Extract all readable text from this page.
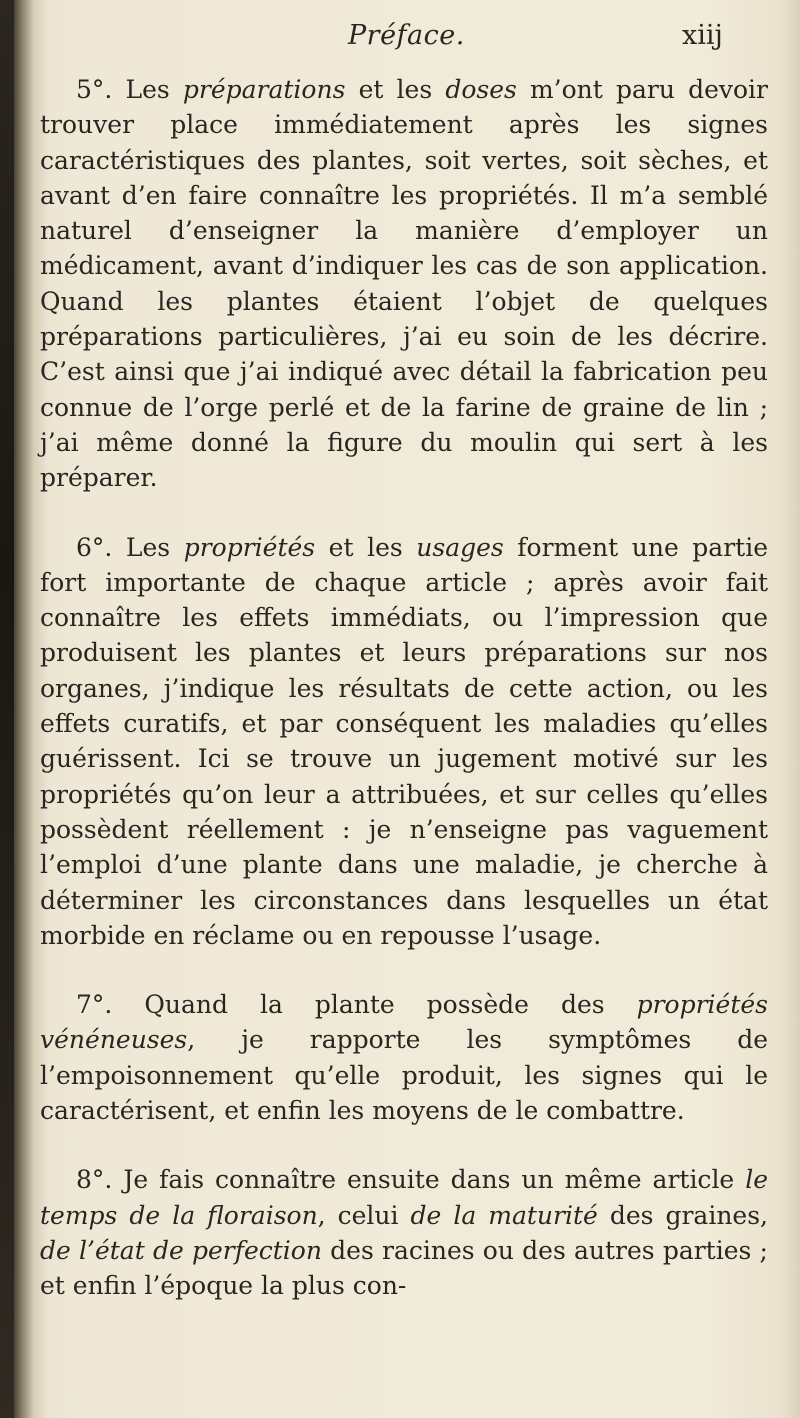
Préface.	xiij

5°. Les préparations et les doses m’ont paru devoir trouver place immédiatement après les signes caractéristiques des plantes, soit vertes, soit sèches, et avant d’en faire connaître les propriétés. Il m’a semblé naturel d’enseigner la manière d’employer un médicament, avant d’indiquer les cas de son application. Quand les plantes étaient l’objet de quelques préparations particulières, j’ai eu soin de les décrire. C’est ainsi que j’ai indiqué avec détail la fabrication peu connue de l’orge perlé et de la farine de graine de lin ; j’ai même donné la figure du moulin qui sert à les préparer.

6°. Les propriétés et les usages forment une partie fort importante de chaque article ; après avoir fait connaître les effets immédiats, ou l’impression que produisent les plantes et leurs préparations sur nos organes, j’indique les résultats de cette action, ou les effets curatifs, et par conséquent les maladies qu’elles guérissent. Ici se trouve un jugement motivé sur les propriétés qu’on leur a attribuées, et sur celles qu’elles possèdent réellement : je n’enseigne pas vaguement l’emploi d’une plante dans une maladie, je cherche à déterminer les circonstances dans lesquelles un état morbide en réclame ou en repousse l’usage.

7°. Quand la plante possède des propriétés vénéneuses, je rapporte les symptômes de l’empoisonnement qu’elle produit, les signes qui le caractérisent, et enfin les moyens de le combattre.

8°. Je fais connaître ensuite dans un même article le temps de la floraison, celui de la maturité des graines, de l’état de perfection des racines ou des autres parties ; et enfin l’époque la plus con-
